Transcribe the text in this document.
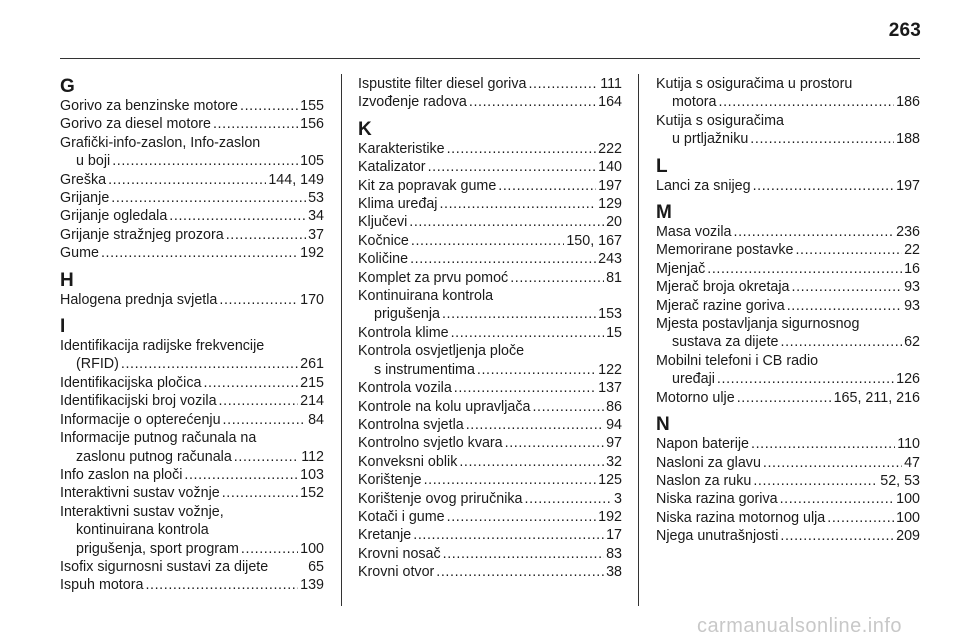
263
G
Gorivo za benzinske motore .....	155
Gorivo za diesel motore .....	156
Grafički-info-zaslon, Info-zaslon
u boji .....	105
Greška .....	144, 149
Grijanje .....	53
Grijanje ogledala .....	34
Grijanje stražnjeg prozora .....	37
Gume .....	192
H
Halogena prednja svjetla .....	170
I
Identifikacija radijske frekvencije
(RFID) .....	261
Identifikacijska pločica .....	215
Identifikacijski broj vozila .....	214
Informacije o opterećenju .....	84
Informacije putnog računala na
zaslonu putnog računala .....	112
Info zaslon na ploči .....	103
Interaktivni sustav vožnje .....	152
Interaktivni sustav vožnje,
kontinuirana kontrola
prigušenja, sport program .....	100
Isofix sigurnosni sustavi za dijete	65
Ispuh motora .....	139
Ispustite filter diesel goriva .....	111
Izvođenje radova .....	164
K
Karakteristike .....	222
Katalizator .....	140
Kit za popravak gume .....	197
Klima uređaj .....	129
Ključevi .....	20
Kočnice .....	150, 167
Količine .....	243
Komplet za prvu pomoć .....	81
Kontinuirana kontrola
prigušenja .....	153
Kontrola klime .....	15
Kontrola osvjetljenja ploče
s instrumentima .....	122
Kontrola vozila .....	137
Kontrole na kolu upravljača .....	86
Kontrolna svjetla .....	94
Kontrolno svjetlo kvara .....	97
Konveksni oblik .....	32
Korištenje .....	125
Korištenje ovog priručnika .....	3
Kotači i gume .....	192
Kretanje .....	17
Krovni nosač .....	83
Krovni otvor .....	38
Kutija s osiguračima u prostoru
motora .....	186
Kutija s osiguračima
u prtljažniku .....	188
L
Lanci za snijeg .....	197
M
Masa vozila .....	236
Memorirane postavke .....	22
Mjenjač .....	16
Mjerač broja okretaja .....	93
Mjerač razine goriva .....	93
Mjesta postavljanja sigurnosnog
sustava za dijete .....	62
Mobilni telefoni i CB radio
uređaji .....	126
Motorno ulje .....	165, 211, 216
N
Napon baterije .....	110
Nasloni za glavu .....	47
Naslon za ruku .....	52, 53
Niska razina goriva .....	100
Niska razina motornog ulja .....	100
Njega unutrašnjosti .....	209
carmanualsonline.info
